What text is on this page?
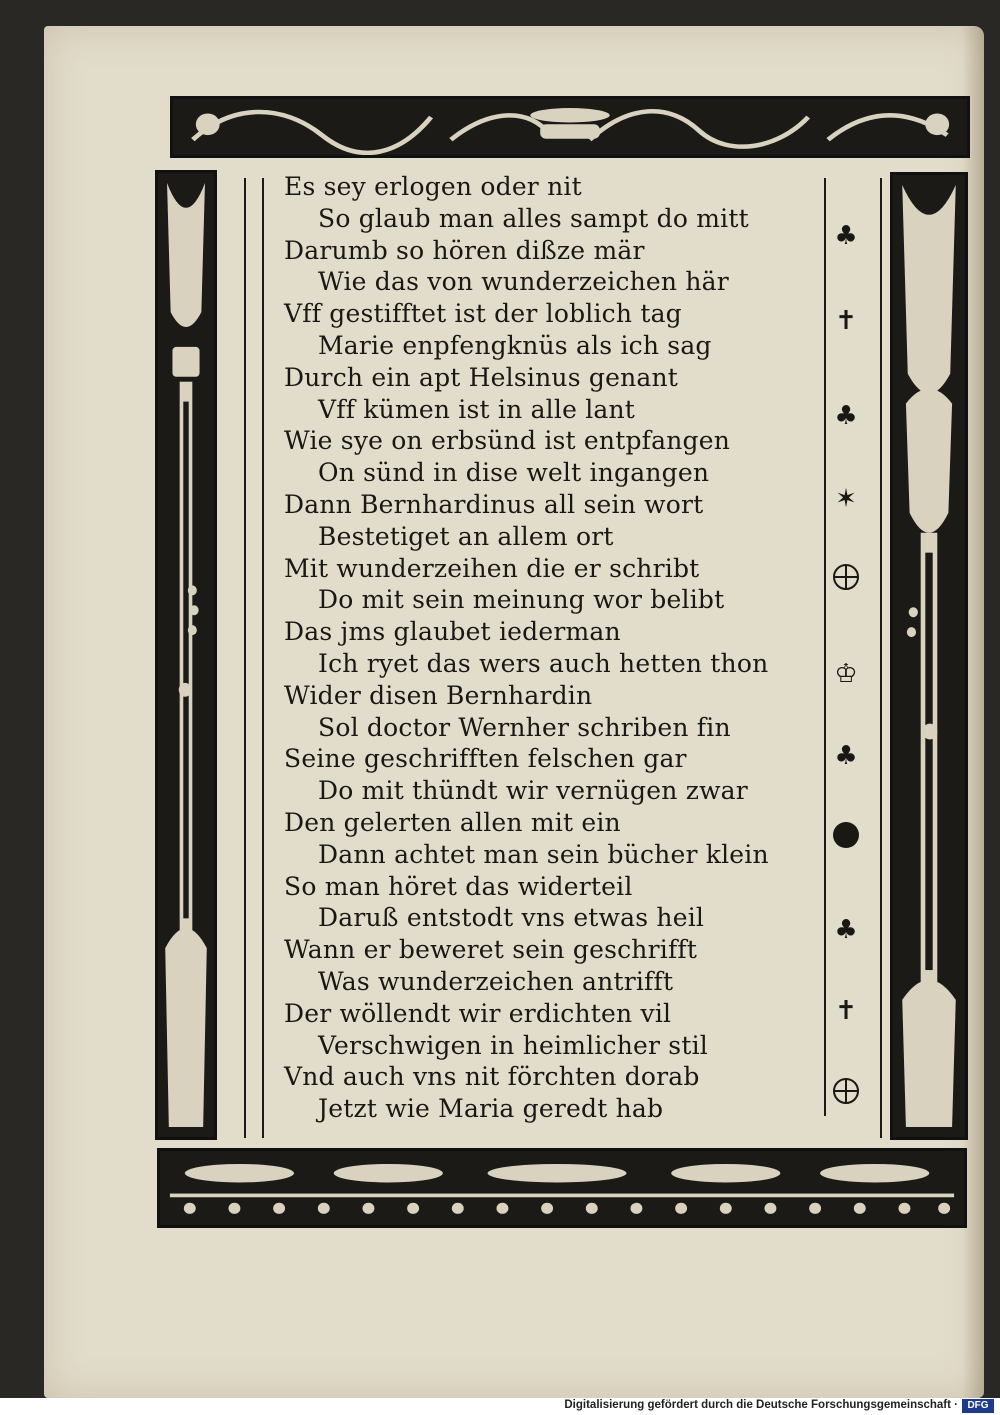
Es sey erlogen oder nit
So glaub man alles sampt do mitt
Darumb so hören dißze mär
Wie das von wunderzeichen här
Vff gestifftet ist der loblich tag
Marie enpfengknüs als ich sag
Durch ein apt Helsinus genant
Vff kümen ist in alle lant
Wie sye on erbsünd ist entpfangen
On sünd in dise welt ingangen
Dann Bernhardinus all sein wort
Bestetiget an allem ort
Mit wunderzeihen die er schribt
Do mit sein meinung wor belibt
Das jms glaubet iederman
Ich ryet das wers auch hetten thon
Wider disen Bernhardin
Sol doctor Wernher schriben fin
Seine geschrifften felschen gar
Do mit thündt wir vernügen zwar
Den gelerten allen mit ein
Dann achtet man sein bücher klein
So man höret das widerteil
Daruß entstodt vns etwas heil
Wann er beweret sein geschrifft
Was wunderzeichen antrifft
Der wöllendt wir erdichten vil
Verschwigen in heimlicher stil
Vnd auch vns nit förchten dorab
Jetzt wie Maria geredt hab
♣
✝
♣
✶
♔
♣
♣
✝
Digitalisierung gefördert durch die Deutsche Forschungsgemeinschaft · DFG
